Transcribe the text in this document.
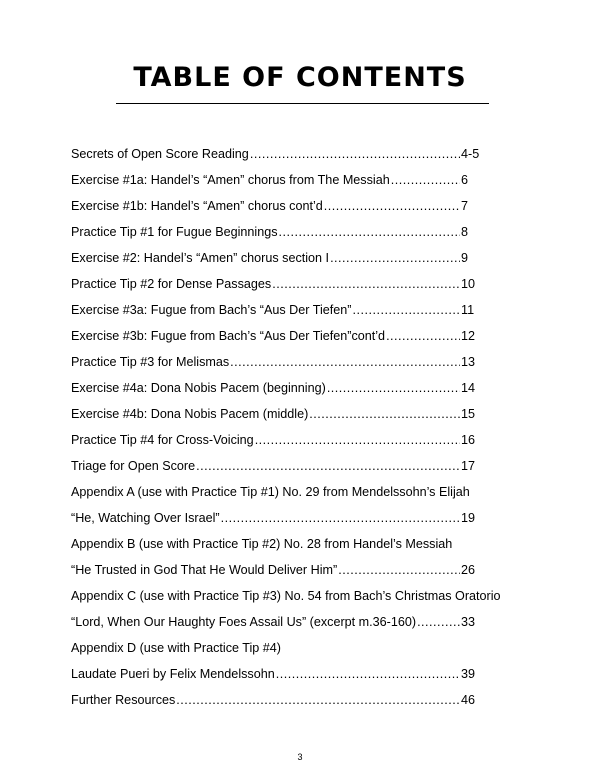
TABLE OF CONTENTS
Secrets of Open Score Reading .....	4-5
Exercise #1a: Handel’s “Amen” chorus from The Messiah .....	6
Exercise #1b: Handel’s “Amen” chorus cont’d .....	7
Practice Tip #1 for Fugue Beginnings .....	8
Exercise #2: Handel’s “Amen” chorus section I .....	9
Practice Tip #2 for Dense Passages .....	10
Exercise #3a: Fugue from Bach’s “Aus Der Tiefen” .....	11
Exercise #3b: Fugue from Bach’s “Aus Der Tiefen”cont’d .....	12
Practice Tip #3 for Melismas .....	13
Exercise #4a: Dona Nobis Pacem (beginning) .....	14
Exercise #4b: Dona Nobis Pacem (middle) .....	15
Practice Tip #4 for Cross-Voicing .....	16
Triage for Open Score .....	17
Appendix A (use with Practice Tip #1) No. 29 from Mendelssohn’s Elijah
“He, Watching Over Israel” .....	19
Appendix B (use with Practice Tip #2) No. 28 from Handel’s Messiah
“He Trusted in God That He Would Deliver Him” .....	26
Appendix C (use with Practice Tip #3) No. 54 from Bach’s Christmas Oratorio
“Lord, When Our Haughty Foes Assail Us” (excerpt m.36-160) .....	33
Appendix D (use with Practice Tip #4)
Laudate Pueri by Felix Mendelssohn .....	39
Further Resources .....	46
3
